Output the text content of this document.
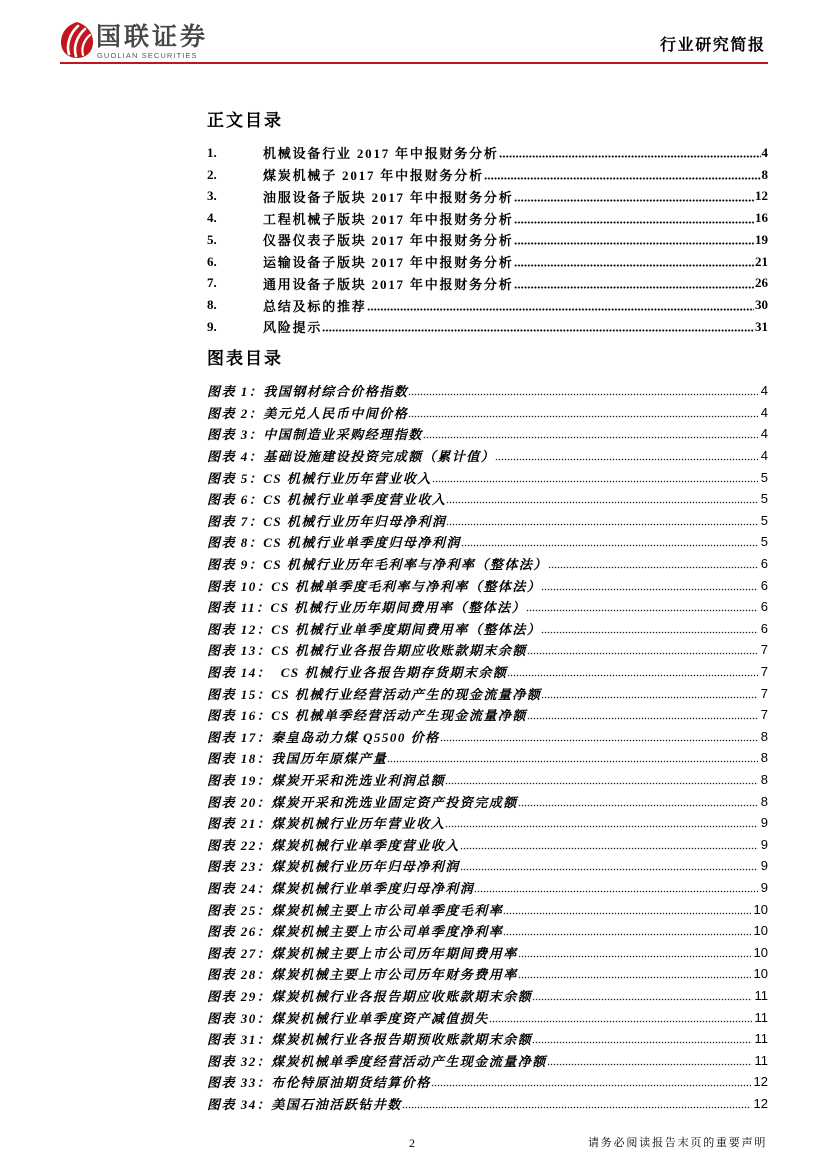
国联证券
GUOLIAN SECURITIES
行业研究简报
正文目录
1.	机械设备行业 2017 年中报财务分析	4
2.	煤炭机械子 2017 年中报财务分析	8
3.	油服设备子版块 2017 年中报财务分析	12
4.	工程机械子版块 2017 年中报财务分析	16
5.	仪器仪表子版块 2017 年中报财务分析	19
6.	运输设备子版块 2017 年中报财务分析	21
7.	通用设备子版块 2017 年中报财务分析	26
8.	总结及标的推荐	30
9.	风险提示	31
图表目录
图表 1：我国钢材综合价格指数	4
图表 2：美元兑人民币中间价格	4
图表 3：中国制造业采购经理指数	4
图表 4：基础设施建设投资完成额（累计值）	4
图表 5：CS 机械行业历年营业收入	5
图表 6：CS 机械行业单季度营业收入	5
图表 7：CS 机械行业历年归母净利润	5
图表 8：CS 机械行业单季度归母净利润	5
图表 9：CS 机械行业历年毛利率与净利率（整体法）	6
图表 10：CS 机械单季度毛利率与净利率（整体法）	6
图表 11：CS 机械行业历年期间费用率（整体法）	6
图表 12：CS 机械行业单季度期间费用率（整体法）	6
图表 13：CS 机械行业各报告期应收账款期末余额	7
图表 14：  CS 机械行业各报告期存货期末余额	7
图表 15：CS 机械行业经营活动产生的现金流量净额	7
图表 16：CS 机械单季经营活动产生现金流量净额	7
图表 17：秦皇岛动力煤 Q5500 价格	8
图表 18：我国历年原煤产量	8
图表 19：煤炭开采和洗选业利润总额	8
图表 20：煤炭开采和洗选业固定资产投资完成额	8
图表 21：煤炭机械行业历年营业收入	9
图表 22：煤炭机械行业单季度营业收入	9
图表 23：煤炭机械行业历年归母净利润	9
图表 24：煤炭机械行业单季度归母净利润	9
图表 25：煤炭机械主要上市公司单季度毛利率	10
图表 26：煤炭机械主要上市公司单季度净利率	10
图表 27：煤炭机械主要上市公司历年期间费用率	10
图表 28：煤炭机械主要上市公司历年财务费用率	10
图表 29：煤炭机械行业各报告期应收账款期末余额	11
图表 30：煤炭机械行业单季度资产减值损失	11
图表 31：煤炭机械行业各报告期预收账款期末余额	11
图表 32：煤炭机械单季度经营活动产生现金流量净额	11
图表 33：布伦特原油期货结算价格	12
图表 34：美国石油活跃钻井数	12
2	请务必阅读报告末页的重要声明
